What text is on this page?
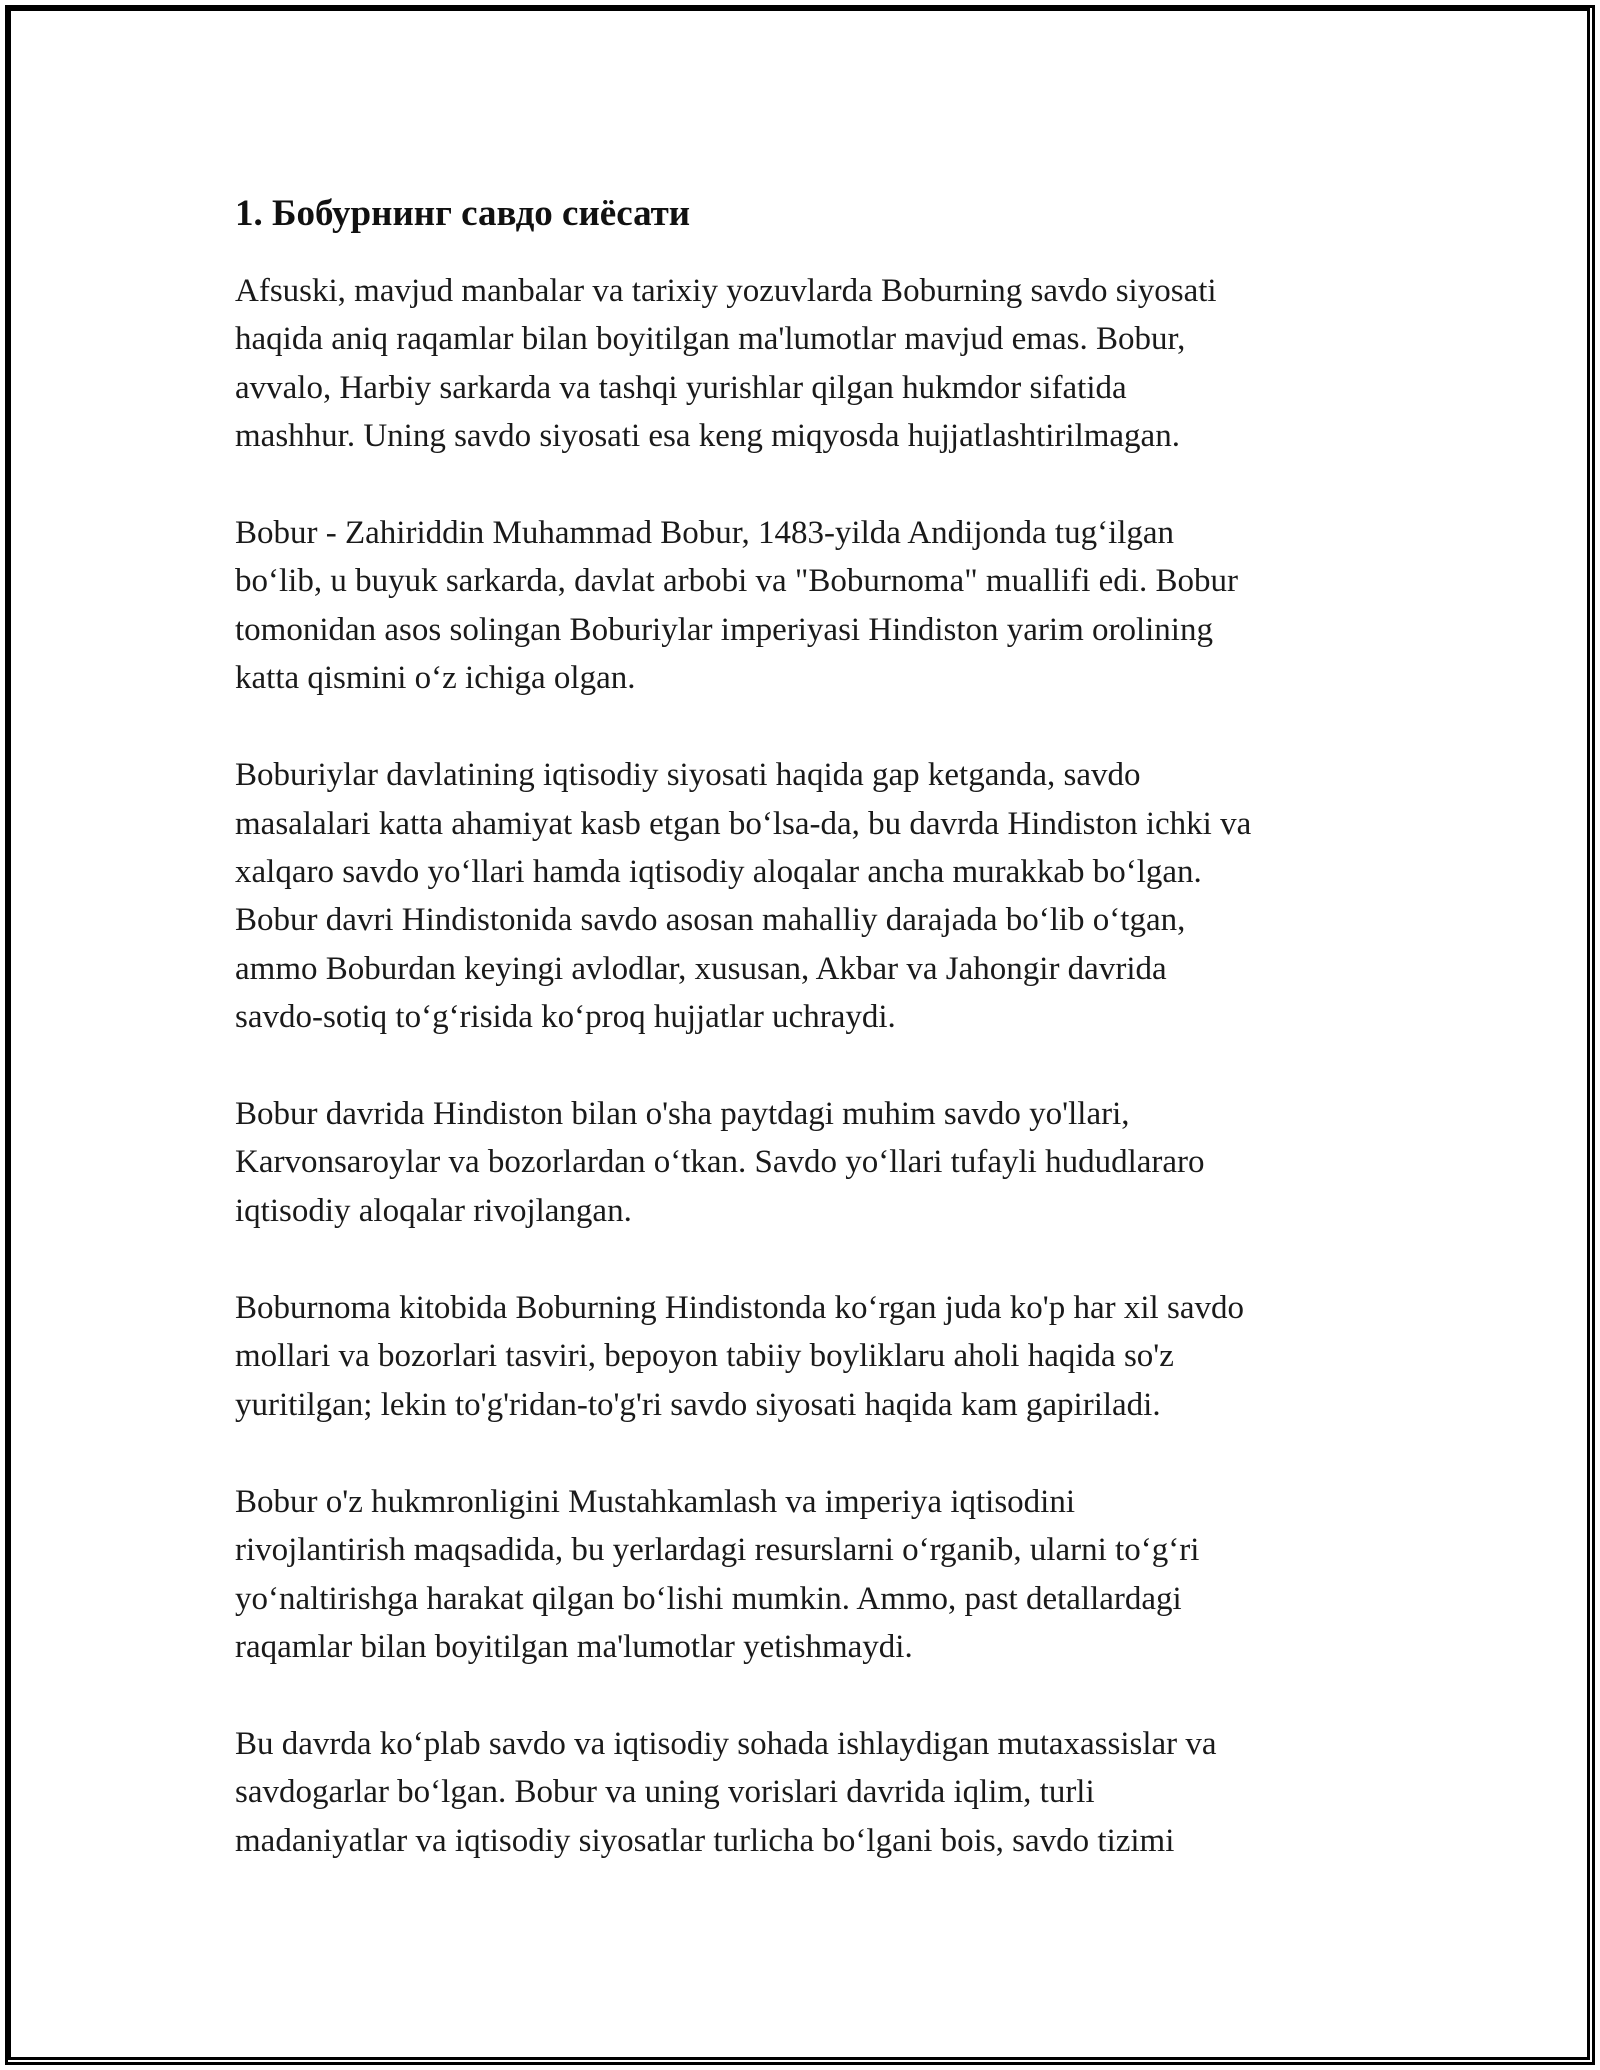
1. Бобурнинг савдо сиёсати
Afsuski, mavjud manbalar va tarixiy yozuvlarda Boburning savdo siyosati
haqida aniq raqamlar bilan boyitilgan ma'lumotlar mavjud emas. Bobur,
avvalo, Harbiy sarkarda va tashqi yurishlar qilgan hukmdor sifatida
mashhur. Uning savdo siyosati esa keng miqyosda hujjatlashtirilmagan.
Bobur - Zahiriddin Muhammad Bobur, 1483-yilda Andijonda tug‘ilgan
bo‘lib, u buyuk sarkarda, davlat arbobi va "Boburnoma" muallifi edi. Bobur
tomonidan asos solingan Boburiylar imperiyasi Hindiston yarim orolining
katta qismini o‘z ichiga olgan.
Boburiylar davlatining iqtisodiy siyosati haqida gap ketganda, savdo
masalalari katta ahamiyat kasb etgan bo‘lsa-da, bu davrda Hindiston ichki va
xalqaro savdo yo‘llari hamda iqtisodiy aloqalar ancha murakkab bo‘lgan.
Bobur davri Hindistonida savdo asosan mahalliy darajada bo‘lib o‘tgan,
ammo Boburdan keyingi avlodlar, xususan, Akbar va Jahongir davrida
savdo-sotiq to‘g‘risida ko‘proq hujjatlar uchraydi.
Bobur davrida Hindiston bilan o'sha paytdagi muhim savdo yo'llari,
Karvonsaroylar va bozorlardan o‘tkan. Savdo yo‘llari tufayli hududlararo
iqtisodiy aloqalar rivojlangan.
Boburnoma kitobida Boburning Hindistonda ko‘rgan juda ko'p har xil savdo
mollari va bozorlari tasviri, bepoyon tabiiy boyliklaru aholi haqida so'z
yuritilgan; lekin to'g'ridan-to'g'ri savdo siyosati haqida kam gapiriladi.
Bobur o'z hukmronligini Mustahkamlash va imperiya iqtisodini
rivojlantirish maqsadida, bu yerlardagi resurslarni o‘rganib, ularni to‘g‘ri
yo‘naltirishga harakat qilgan bo‘lishi mumkin. Ammo, past detallardagi
raqamlar bilan boyitilgan ma'lumotlar yetishmaydi.
Bu davrda ko‘plab savdo va iqtisodiy sohada ishlaydigan mutaxassislar va
savdogarlar bo‘lgan. Bobur va uning vorislari davrida iqlim, turli
madaniyatlar va iqtisodiy siyosatlar turlicha bo‘lgani bois, savdo tizimi
